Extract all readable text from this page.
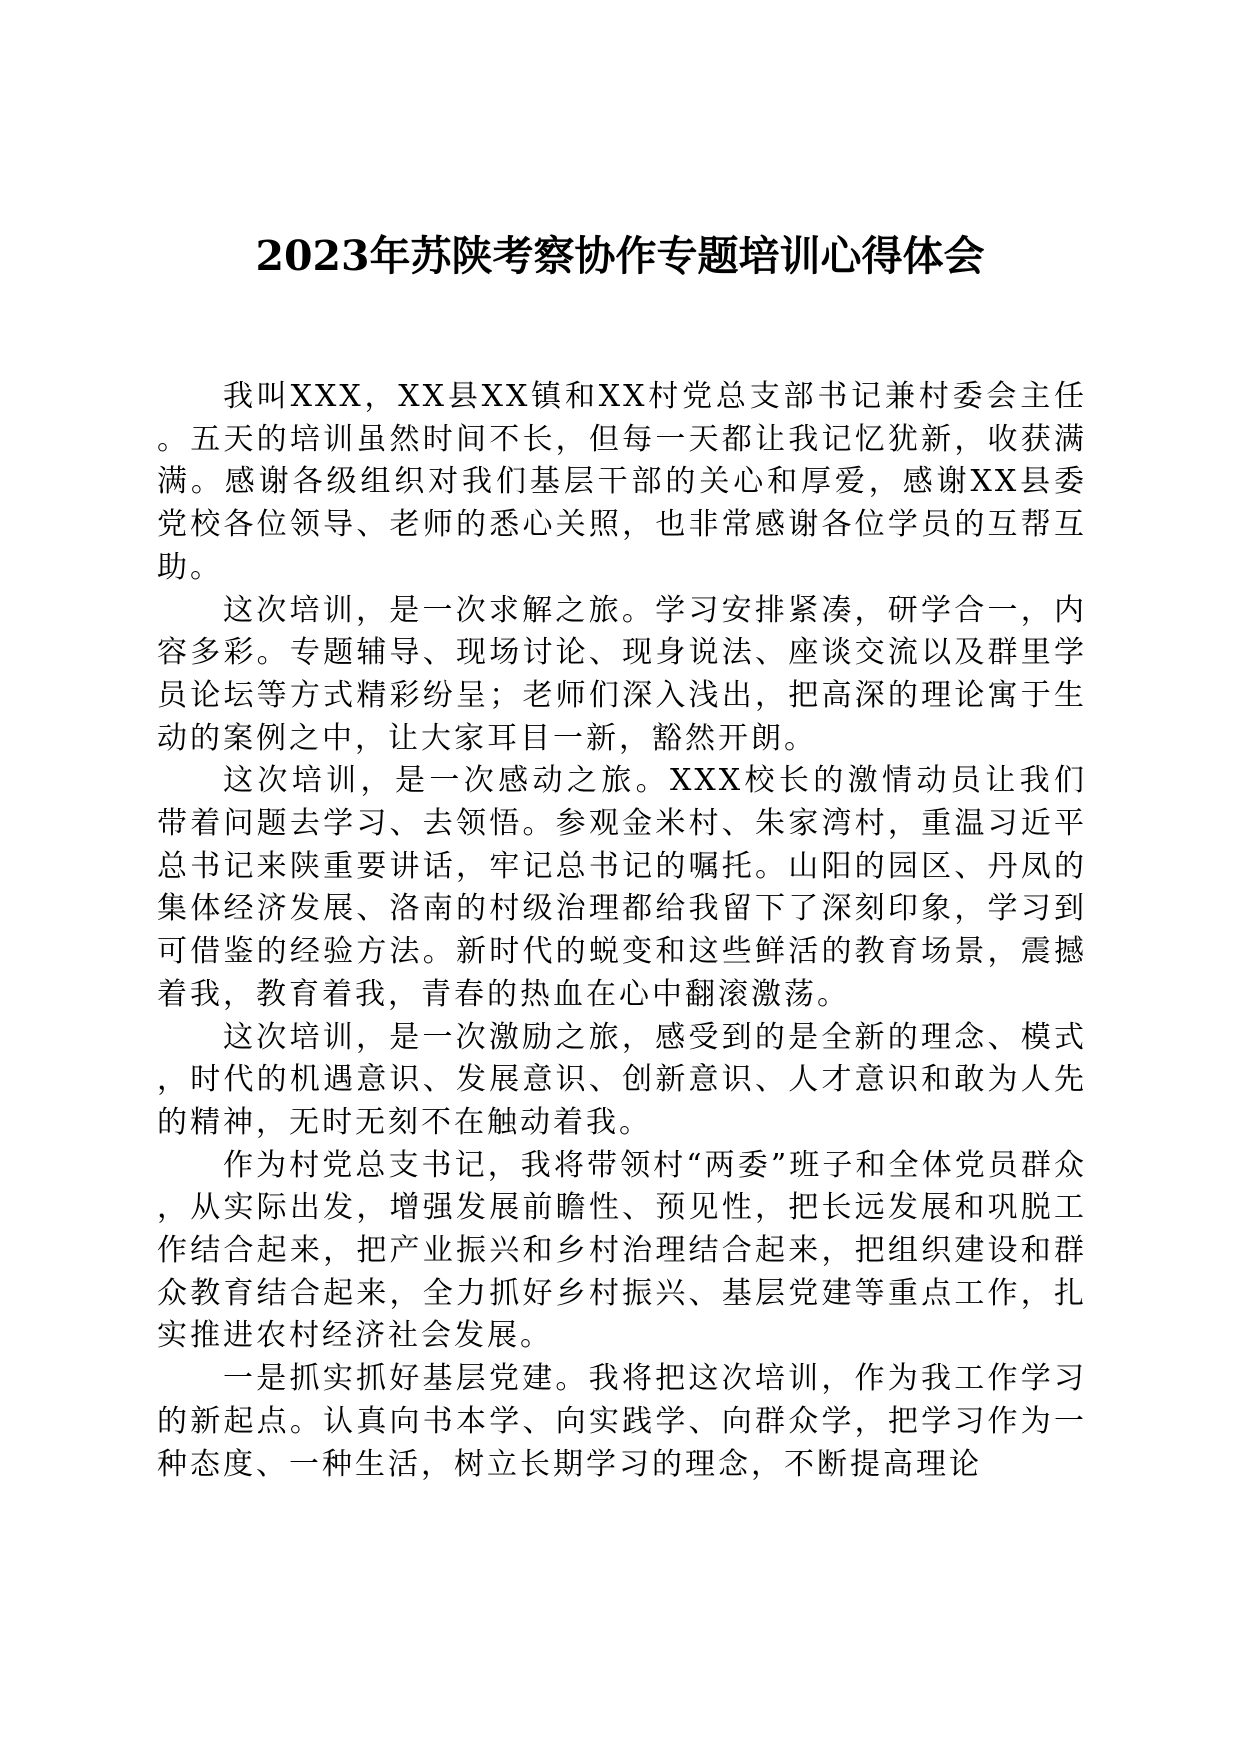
2023年苏陕考察协作专题培训心得体会

我叫XXX，XX县XX镇和XX村党总支部书记兼村委会主任。五天的培训虽然时间不长，但每一天都让我记忆犹新，收获满满。感谢各级组织对我们基层干部的关心和厚爱，感谢XX县委党校各位领导、老师的悉心关照，也非常感谢各位学员的互帮互助。

这次培训，是一次求解之旅。学习安排紧凑，研学合一，内容多彩。专题辅导、现场讨论、现身说法、座谈交流以及群里学员论坛等方式精彩纷呈；老师们深入浅出，把高深的理论寓于生动的案例之中，让大家耳目一新，豁然开朗。

这次培训，是一次感动之旅。XXX校长的激情动员让我们带着问题去学习、去领悟。参观金米村、朱家湾村，重温习近平总书记来陕重要讲话，牢记总书记的嘱托。山阳的园区、丹凤的集体经济发展、洛南的村级治理都给我留下了深刻印象，学习到可借鉴的经验方法。新时代的蜕变和这些鲜活的教育场景，震撼着我，教育着我，青春的热血在心中翻滚激荡。

这次培训，是一次激励之旅，感受到的是全新的理念、模式，时代的机遇意识、发展意识、创新意识、人才意识和敢为人先的精神，无时无刻不在触动着我。

作为村党总支书记，我将带领村“两委”班子和全体党员群众，从实际出发，增强发展前瞻性、预见性，把长远发展和巩脱工作结合起来，把产业振兴和乡村治理结合起来，把组织建设和群众教育结合起来，全力抓好乡村振兴、基层党建等重点工作，扎实推进农村经济社会发展。

一是抓实抓好基层党建。我将把这次培训，作为我工作学习的新起点。认真向书本学、向实践学、向群众学，把学习作为一种态度、一种生活，树立长期学习的理念，不断提高理论
